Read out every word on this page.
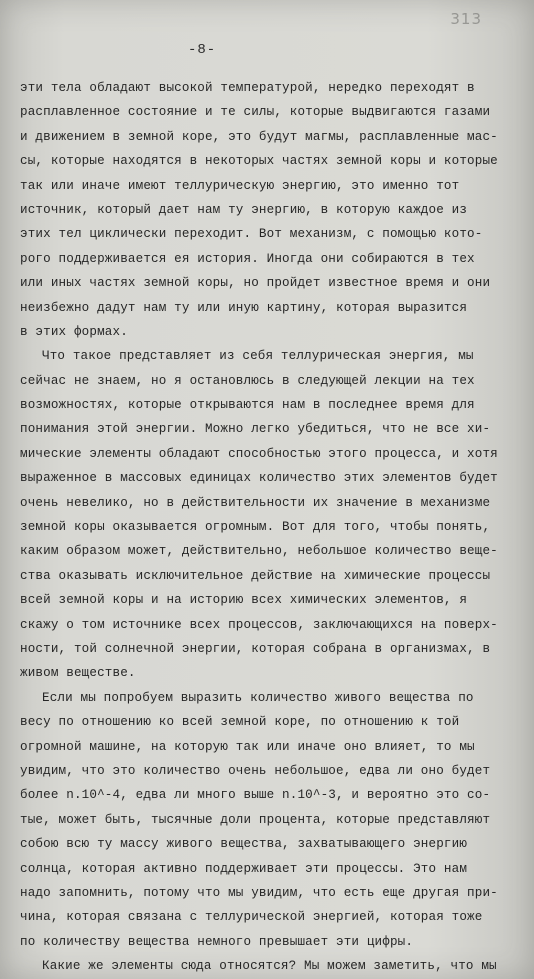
313
-8-
эти тела обладают высокой температурой, нередко переходят в
расплавленное состояние и те силы, которые выдвигаются газами
и движением в земной коре, это будут магмы, расплавленные мас-
сы, которые находятся в некоторых частях земной коры и которые
так или иначе имеют теллурическую энергию, это именно тот
источник, который дает нам ту энергию, в которую каждое из
этих тел циклически переходит. Вот механизм, с помощью кото-
рого поддерживается ея история. Иногда они собираются в тех
или иных частях земной коры, но пройдет известное время и они
неизбежно дадут нам ту или иную картину, которая выразится
в этих формах.
Что такое представляет из себя теллурическая энергия, мы
сейчас не знаем, но я остановлюсь в следующей лекции на тех
возможностях, которые открываются нам в последнее время для
понимания этой энергии. Можно легко убедиться, что не все хи-
мические элементы обладают способностью этого процесса, и хотя
выраженное в массовых единицах количество этих элементов будет
очень невелико, но в действительности их значение в механизме
земной коры оказывается огромным. Вот для того, чтобы понять,
каким образом может, действительно, небольшое количество веще-
ства оказывать исключительное действие на химические процессы
всей земной коры и на историю всех химических элементов, я
скажу о том источнике всех процессов, заключающихся на поверх-
ности, той солнечной энергии, которая собрана в организмах, в
живом веществе.
Если мы попробуем выразить количество живого вещества по
весу по отношению ко всей земной коре, по отношению к той
огромной машине, на которую так или иначе оно влияет, то мы
увидим, что это количество очень небольшое, едва ли оно будет
более n.10^-4, едва ли много выше n.10^-3, и вероятно это со-
тые, может быть, тысячные доли процента, которые представляют
собою всю ту массу живого вещества, захватывающего энергию
солнца, которая активно поддерживает эти процессы. Это нам
надо запомнить, потому что мы увидим, что есть еще другая при-
чина, которая связана с теллурической энергией, которая тоже
по количеству вещества немного превышает эти цифры.
Какие же элементы сюда относятся? Мы можем заметить, что мы
